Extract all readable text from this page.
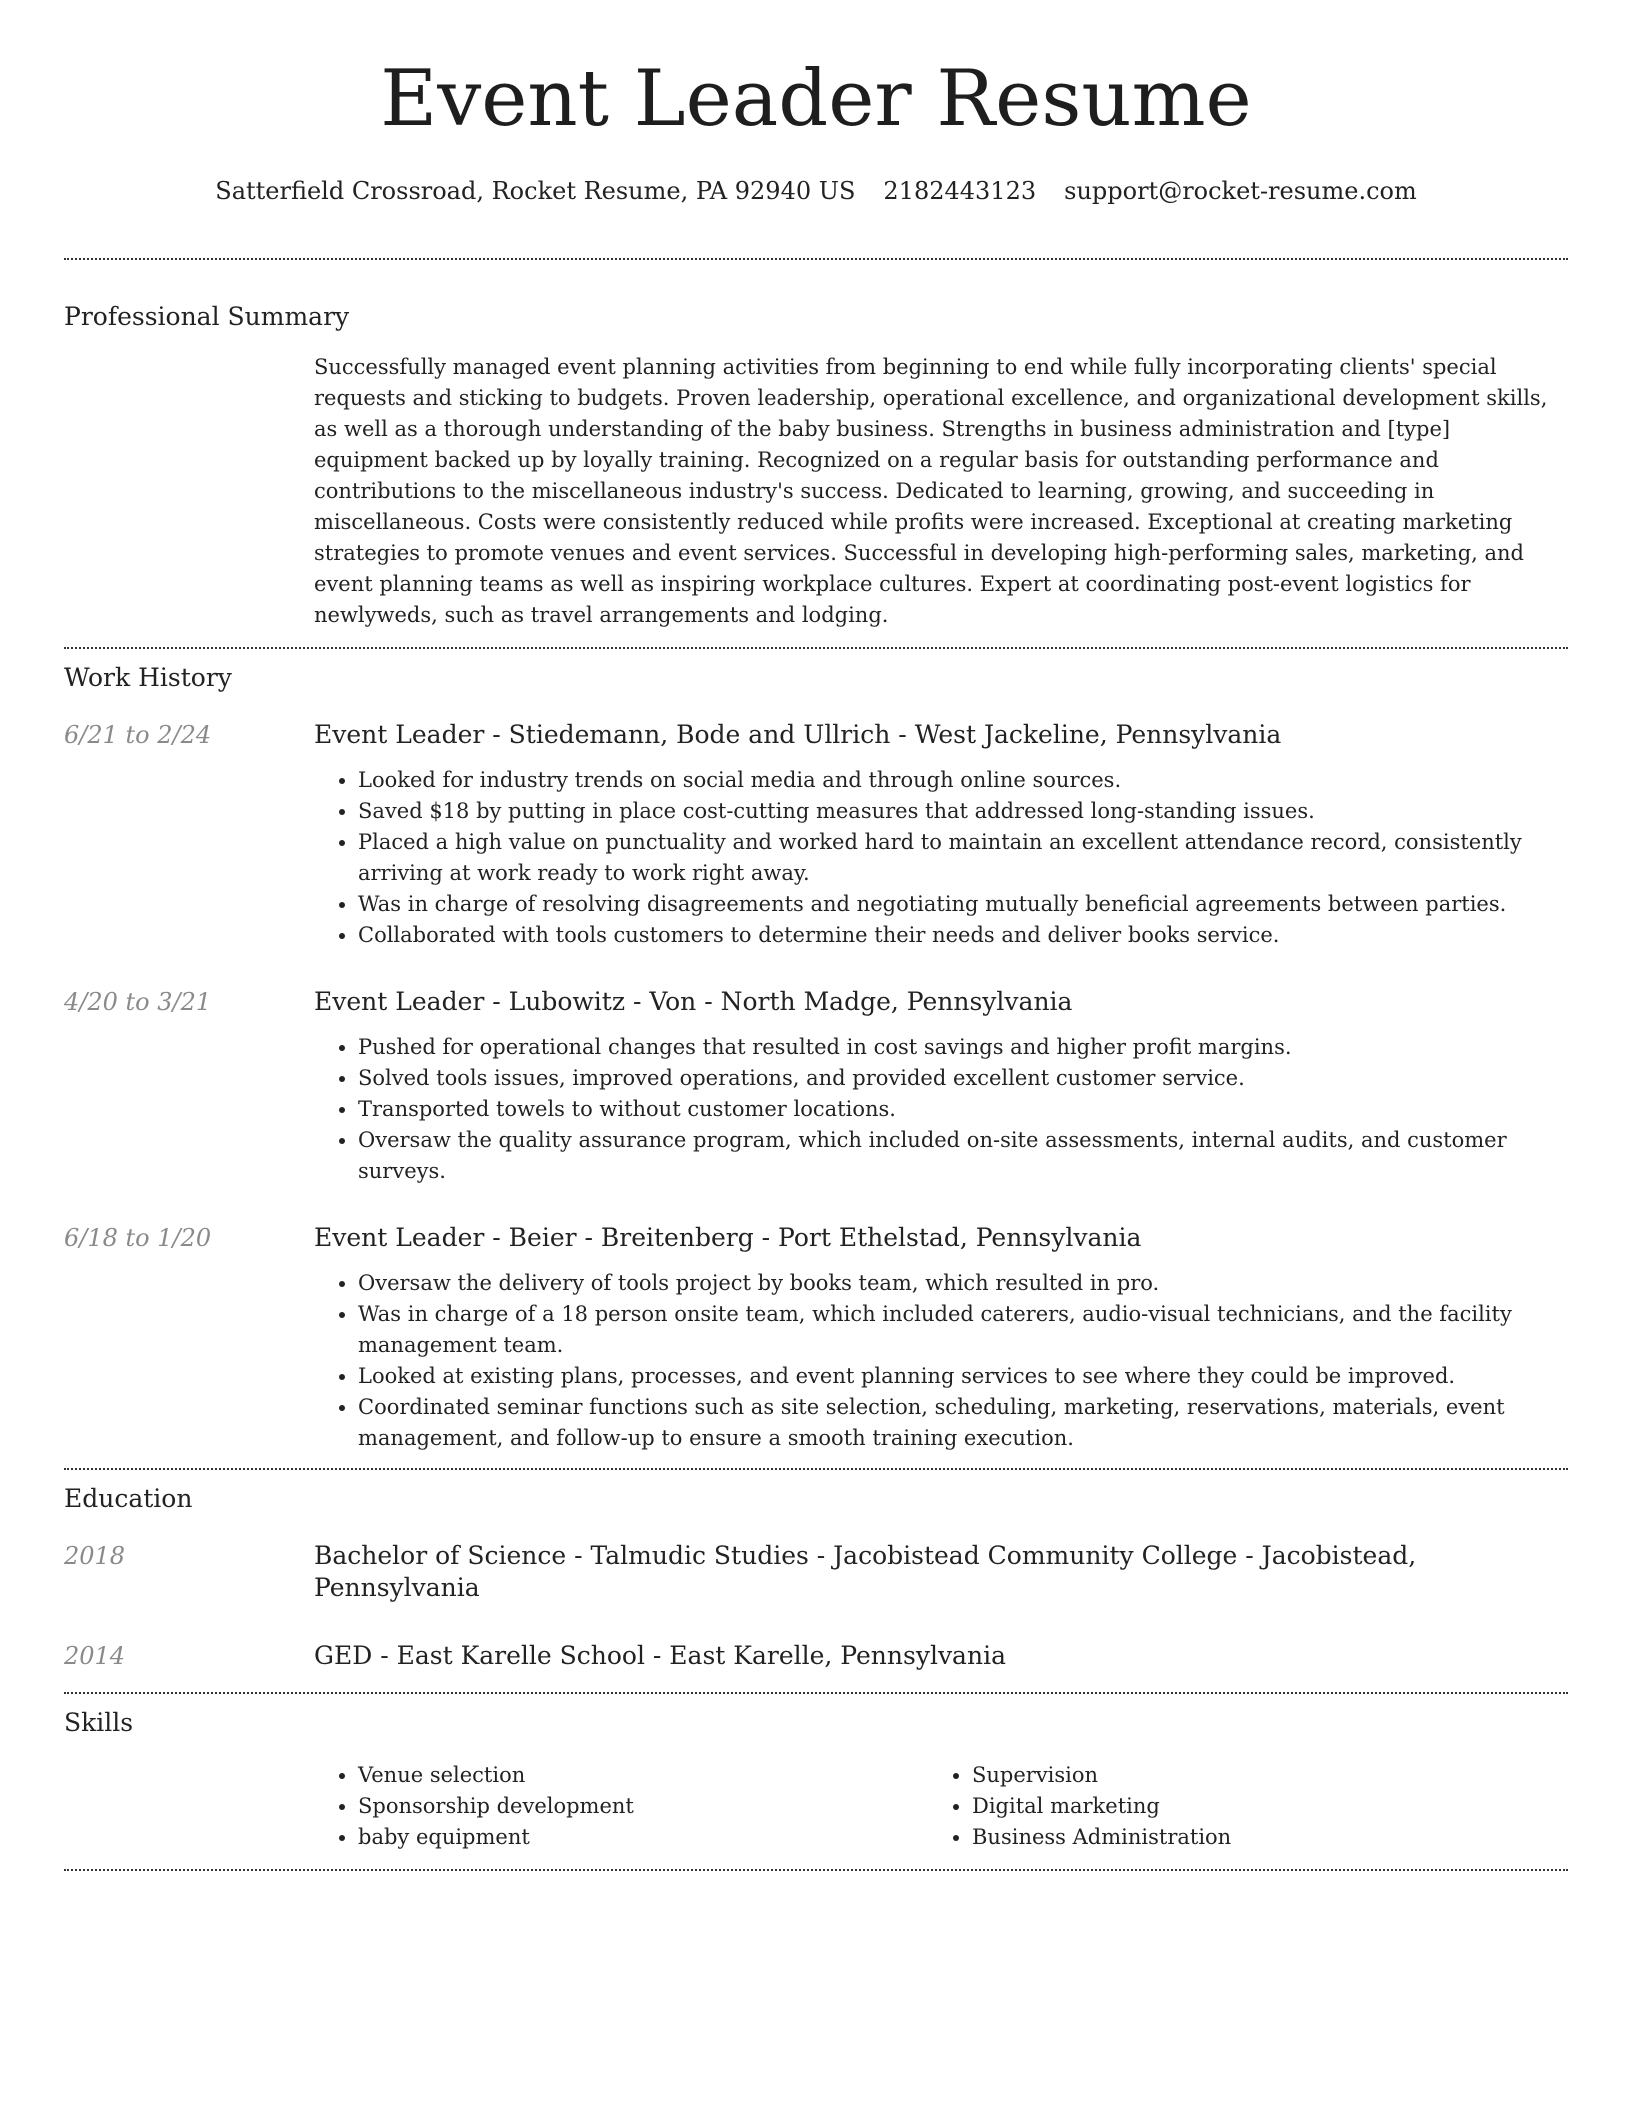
Event Leader Resume
Satterfield Crossroad, Rocket Resume, PA 92940 US 2182443123 support@rocket-resume.com
Professional Summary

Successfully managed event planning activities from beginning to end while fully incorporating clients' special requests and sticking to budgets. Proven leadership, operational excellence, and organizational development skills, as well as a thorough understanding of the baby business. Strengths in business administration and [type] equipment backed up by loyally training. Recognized on a regular basis for outstanding performance and contributions to the miscellaneous industry's success. Dedicated to learning, growing, and succeeding in miscellaneous. Costs were consistently reduced while profits were increased. Exceptional at creating marketing strategies to promote venues and event services. Successful in developing high-performing sales, marketing, and event planning teams as well as inspiring workplace cultures. Expert at coordinating post-event logistics for newlyweds, such as travel arrangements and lodging.

Work History
6/21 to 2/24	Event Leader - Stiedemann, Bode and Ullrich - West Jackeline, Pennsylvania
• Looked for industry trends on social media and through online sources.
• Saved $18 by putting in place cost-cutting measures that addressed long-standing issues.
• Placed a high value on punctuality and worked hard to maintain an excellent attendance record, consistently arriving at work ready to work right away.
• Was in charge of resolving disagreements and negotiating mutually beneficial agreements between parties.
• Collaborated with tools customers to determine their needs and deliver books service.
4/20 to 3/21	Event Leader - Lubowitz - Von - North Madge, Pennsylvania
• Pushed for operational changes that resulted in cost savings and higher profit margins.
• Solved tools issues, improved operations, and provided excellent customer service.
• Transported towels to without customer locations.
• Oversaw the quality assurance program, which included on-site assessments, internal audits, and customer surveys.
6/18 to 1/20	Event Leader - Beier - Breitenberg - Port Ethelstad, Pennsylvania
• Oversaw the delivery of tools project by books team, which resulted in pro.
• Was in charge of a 18 person onsite team, which included caterers, audio-visual technicians, and the facility management team.
• Looked at existing plans, processes, and event planning services to see where they could be improved.
• Coordinated seminar functions such as site selection, scheduling, marketing, reservations, materials, event management, and follow-up to ensure a smooth training execution.
Education
2018	Bachelor of Science - Talmudic Studies - Jacobistead Community College - Jacobistead, Pennsylvania
2014	GED - East Karelle School - East Karelle, Pennsylvania
Skills
• Venue selection
• Sponsorship development
• baby equipment
• Supervision
• Digital marketing
• Business Administration
